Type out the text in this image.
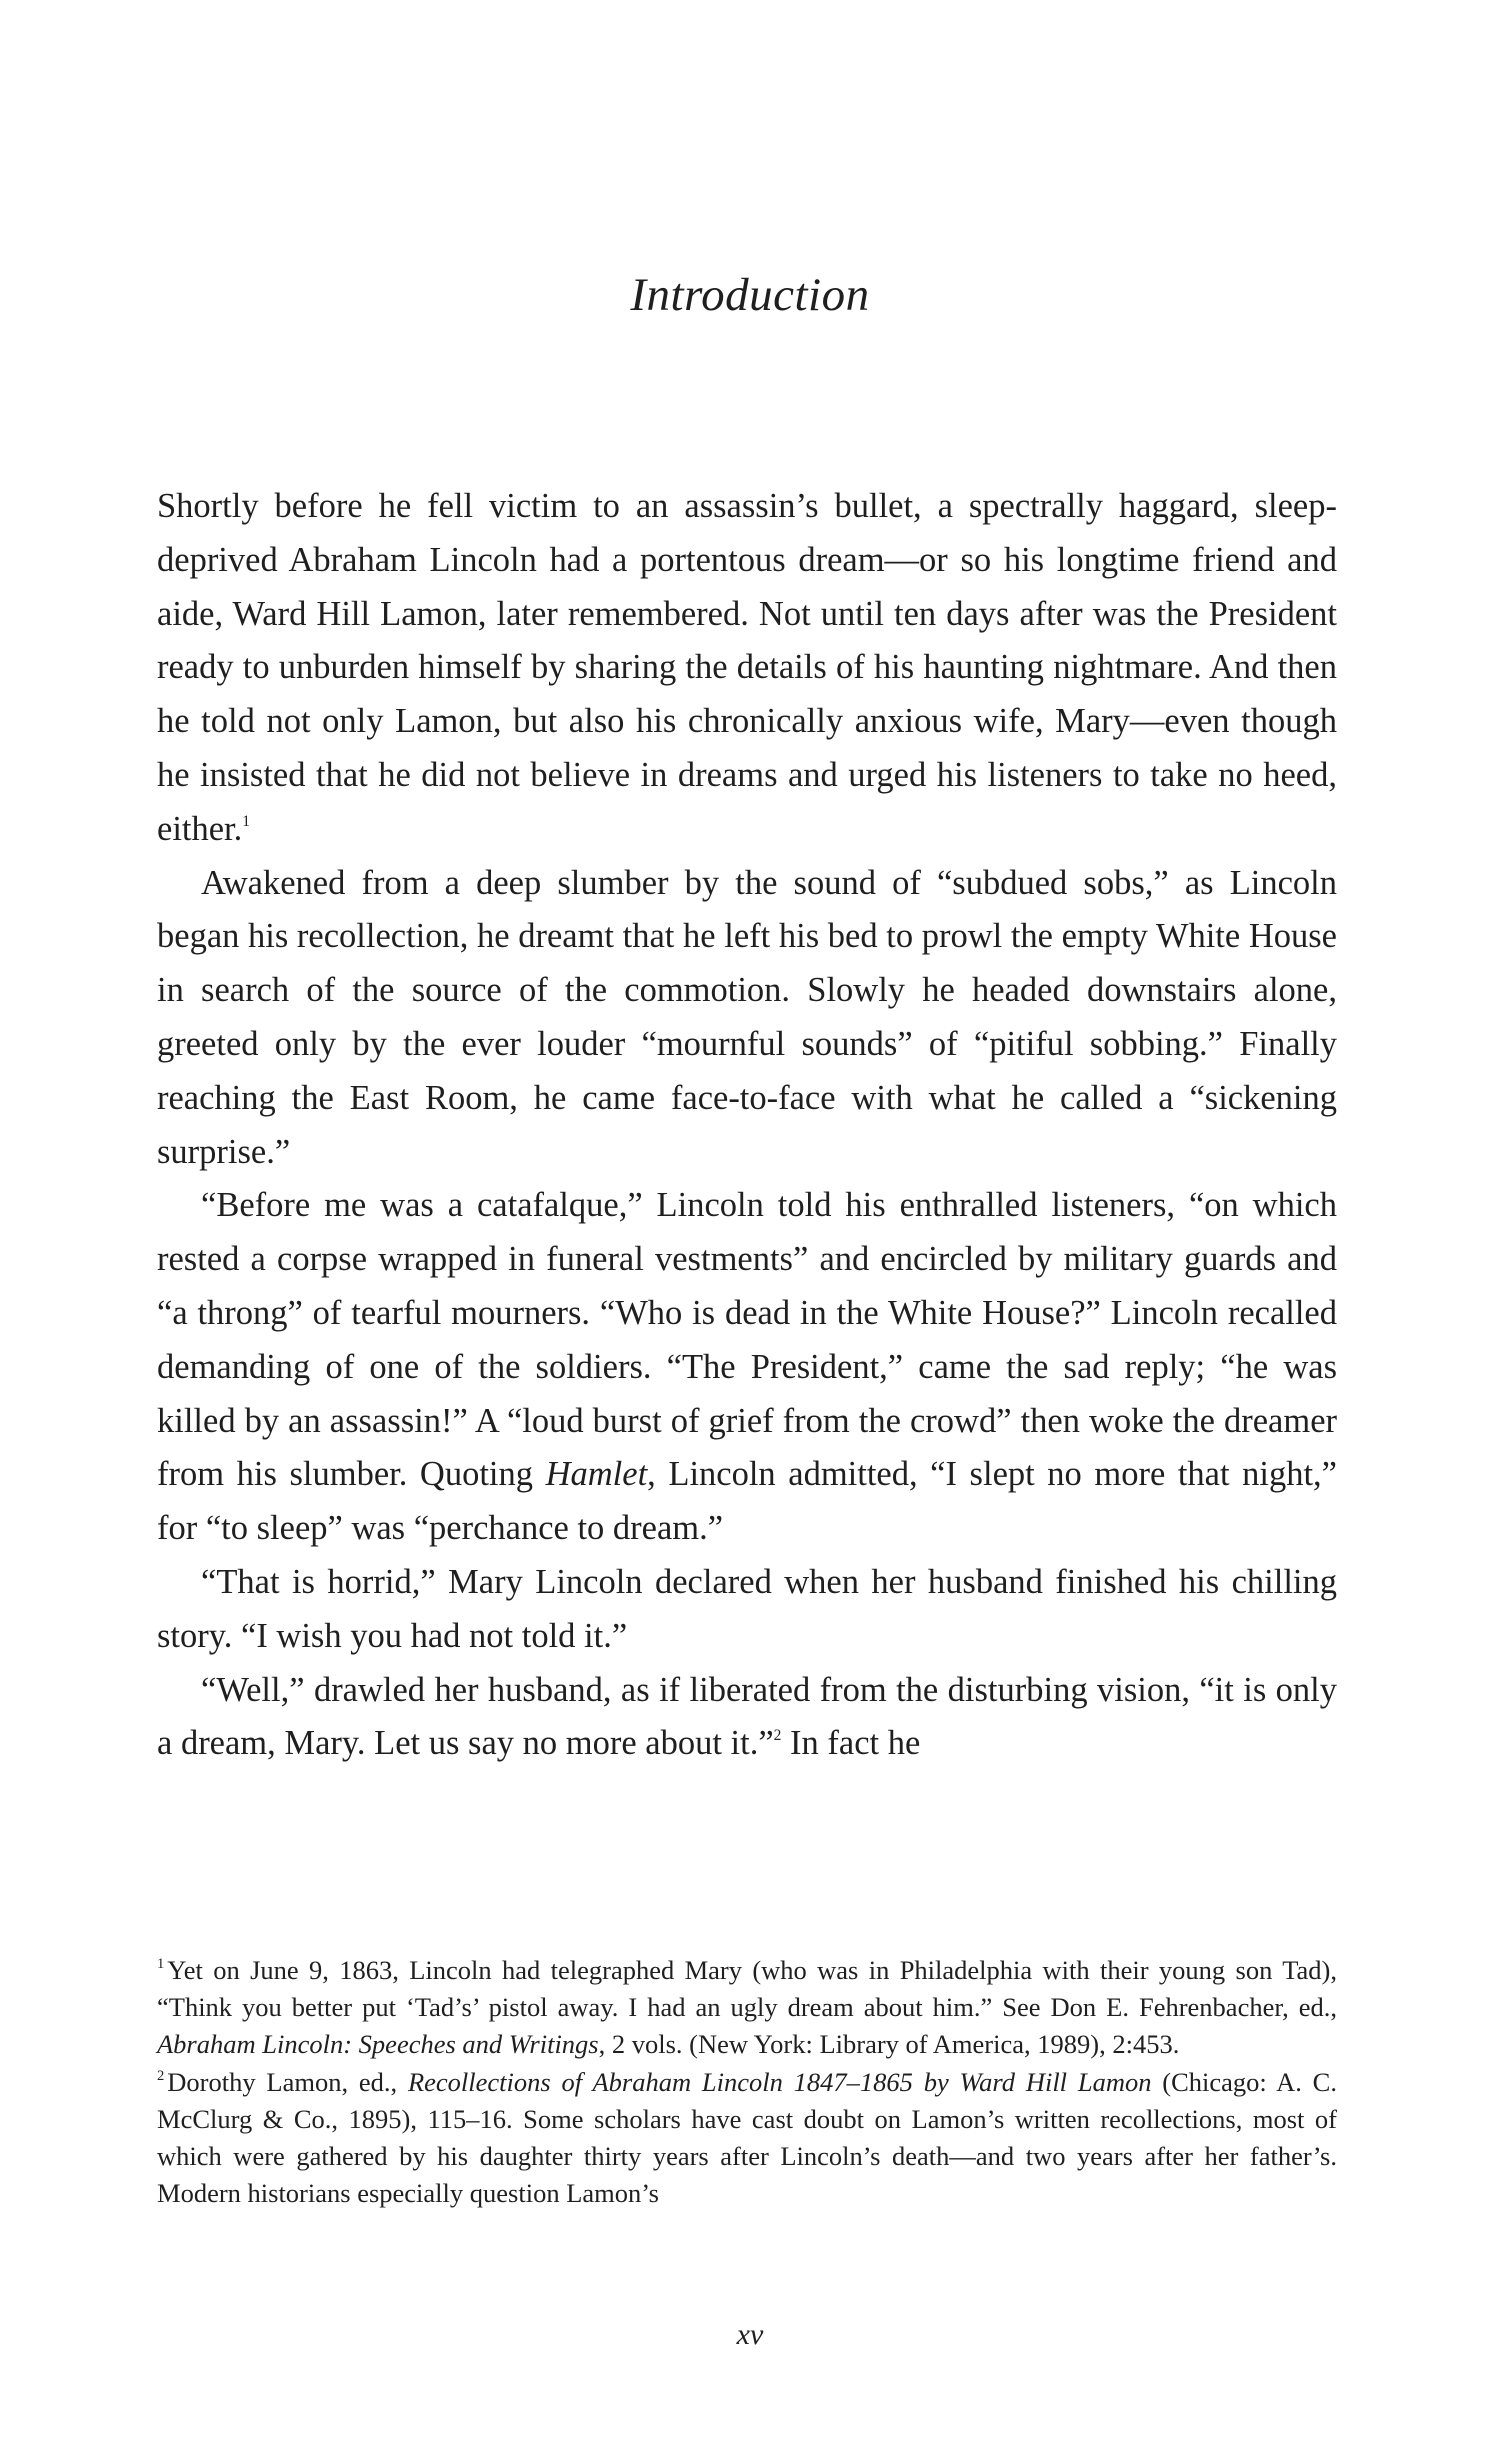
Introduction

Shortly before he fell victim to an assassin’s bullet, a spectrally haggard, sleep-deprived Abraham Lincoln had a portentous dream—or so his longtime friend and aide, Ward Hill Lamon, later remembered. Not until ten days after was the President ready to unburden himself by sharing the details of his haunting nightmare. And then he told not only Lamon, but also his chronically anxious wife, Mary—even though he insisted that he did not believe in dreams and urged his listeners to take no heed, either.$^1$

Awakened from a deep slumber by the sound of “subdued sobs,” as Lincoln began his recollection, he dreamt that he left his bed to prowl the empty White House in search of the source of the commotion. Slowly he headed downstairs alone, greeted only by the ever louder “mournful sounds” of “pitiful sobbing.” Finally reaching the East Room, he came face-to-face with what he called a “sickening surprise.”

“Before me was a catafalque,” Lincoln told his enthralled listeners, “on which rested a corpse wrapped in funeral vestments” and encircled by military guards and “a throng” of tearful mourners. “Who is dead in the White House?” Lincoln recalled demanding of one of the soldiers. “The President,” came the sad reply; “he was killed by an assassin!” A “loud burst of grief from the crowd” then woke the dreamer from his slumber. Quoting Hamlet, Lincoln admitted, “I slept no more that night,” for “to sleep” was “perchance to dream.”

“That is horrid,” Mary Lincoln declared when her husband finished his chilling story. “I wish you had not told it.”

“Well,” drawled her husband, as if liberated from the disturbing vision, “it is only a dream, Mary. Let us say no more about it.”$^2$ In fact he

$^1$ Yet on June 9, 1863, Lincoln had telegraphed Mary (who was in Philadelphia with their young son Tad), “Think you better put ‘Tad’s’ pistol away. I had an ugly dream about him.” See Don E. Fehrenbacher, ed., Abraham Lincoln: Speeches and Writings, 2 vols. (New York: Library of America, 1989), 2:453.

$^2$ Dorothy Lamon, ed., Recollections of Abraham Lincoln 1847–1865 by Ward Hill Lamon (Chicago: A. C. McClurg & Co., 1895), 115–16. Some scholars have cast doubt on Lamon’s written recollections, most of which were gathered by his daughter thirty years after Lincoln’s death—and two years after her father’s. Modern historians especially question Lamon’s

xv
